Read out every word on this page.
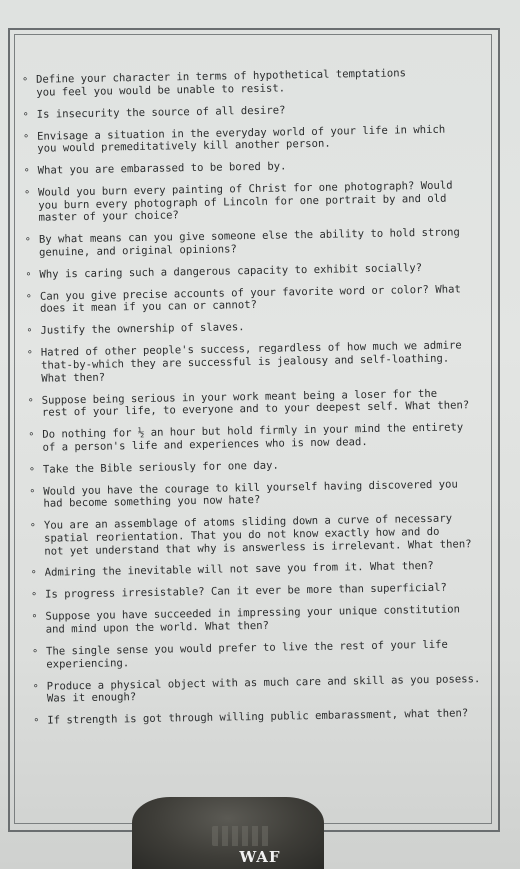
∘ Define your character in terms of hypothetical temptations
you feel you would be unable to resist.
∘ Is insecurity the source of all desire?
∘ Envisage a situation in the everyday world of your life in which
you would premeditatively kill another person.
∘ What you are embarassed to be bored by.
∘ Would you burn every painting of Christ for one photograph? Would
you burn every photograph of Lincoln for one portrait by and old
master of your choice?
∘ By what means can you give someone else the ability to hold strong
genuine, and original opinions?
∘ Why is caring such a dangerous capacity to exhibit socially?
∘ Can you give precise accounts of your favorite word or color? What
does it mean if you can or cannot?
∘ Justify the ownership of slaves.
∘ Hatred of other people's success, regardless of how much we admire
that-by-which they are successful is jealousy and self-loathing.
What then?
∘ Suppose being serious in your work meant being a loser for the
rest of your life, to everyone and to your deepest self. What then?
∘ Do nothing for ½ an hour but hold firmly in your mind the entirety
of a person's life and experiences who is now dead.
∘ Take the Bible seriously for one day.
∘ Would you have the courage to kill yourself having discovered you
had become something you now hate?
∘ You are an assemblage of atoms sliding down a curve of necessary
spatial reorientation. That you do not know exactly how and do
not yet understand that why is answerless is irrelevant. What then?
∘ Admiring the inevitable will not save you from it. What then?
∘ Is progress irresistable? Can it ever be more than superficial?
∘ Suppose you have succeeded in impressing your unique constitution
and mind upon the world. What then?
∘ The single sense you would prefer to live the rest of your life
experiencing.
∘ Produce a physical object with as much care and skill as you posess.
Was it enough?
∘ If strength is got through willing public embarassment, what then?
WAF
